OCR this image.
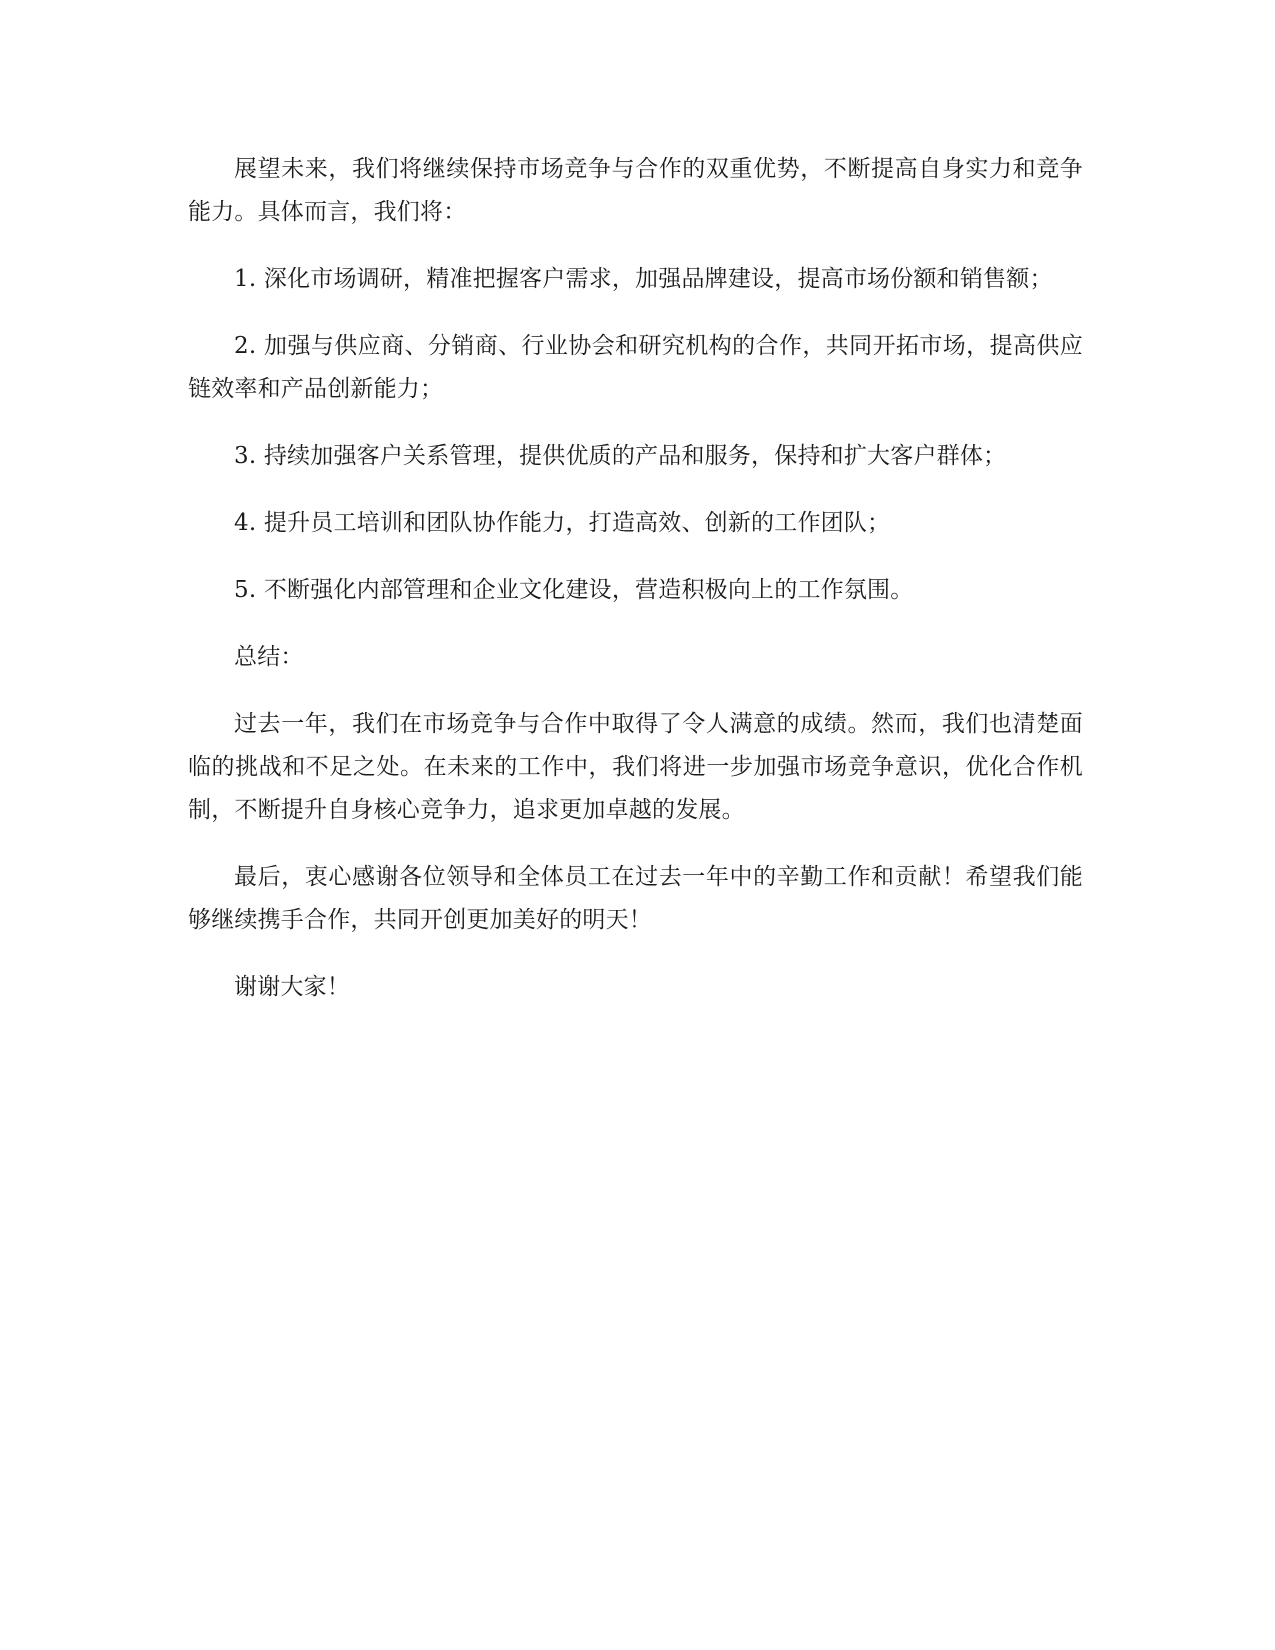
展望未来，我们将继续保持市场竞争与合作的双重优势，不断提高自身实力和竞争能力。具体而言，我们将：

1. 深化市场调研，精准把握客户需求，加强品牌建设，提高市场份额和销售额；

2. 加强与供应商、分销商、行业协会和研究机构的合作，共同开拓市场，提高供应链效率和产品创新能力；

3. 持续加强客户关系管理，提供优质的产品和服务，保持和扩大客户群体；

4. 提升员工培训和团队协作能力，打造高效、创新的工作团队；

5. 不断强化内部管理和企业文化建设，营造积极向上的工作氛围。

总结：

过去一年，我们在市场竞争与合作中取得了令人满意的成绩。然而，我们也清楚面临的挑战和不足之处。在未来的工作中，我们将进一步加强市场竞争意识，优化合作机制，不断提升自身核心竞争力，追求更加卓越的发展。

最后，衷心感谢各位领导和全体员工在过去一年中的辛勤工作和贡献！希望我们能够继续携手合作，共同开创更加美好的明天！

谢谢大家！
